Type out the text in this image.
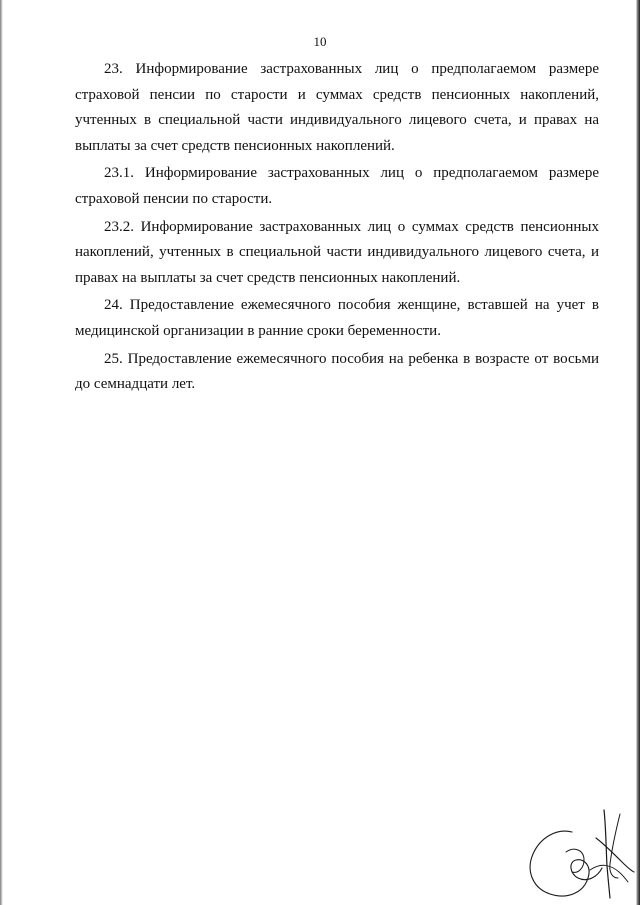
10

23. Информирование застрахованных лиц о предполагаемом размере страховой пенсии по старости и суммах средств пенсионных накоплений, учтенных в специальной части индивидуального лицевого счета, и правах на выплаты за счет средств пенсионных накоплений.

23.1. Информирование застрахованных лиц о предполагаемом размере страховой пенсии по старости.

23.2. Информирование застрахованных лиц о суммах средств пенсионных накоплений, учтенных в специальной части индивидуального лицевого счета, и правах на выплаты за счет средств пенсионных накоплений.

24. Предоставление ежемесячного пособия женщине, вставшей на учет в медицинской организации в ранние сроки беременности.

25. Предоставление ежемесячного пособия на ребенка в возрасте от восьми до семнадцати лет.
